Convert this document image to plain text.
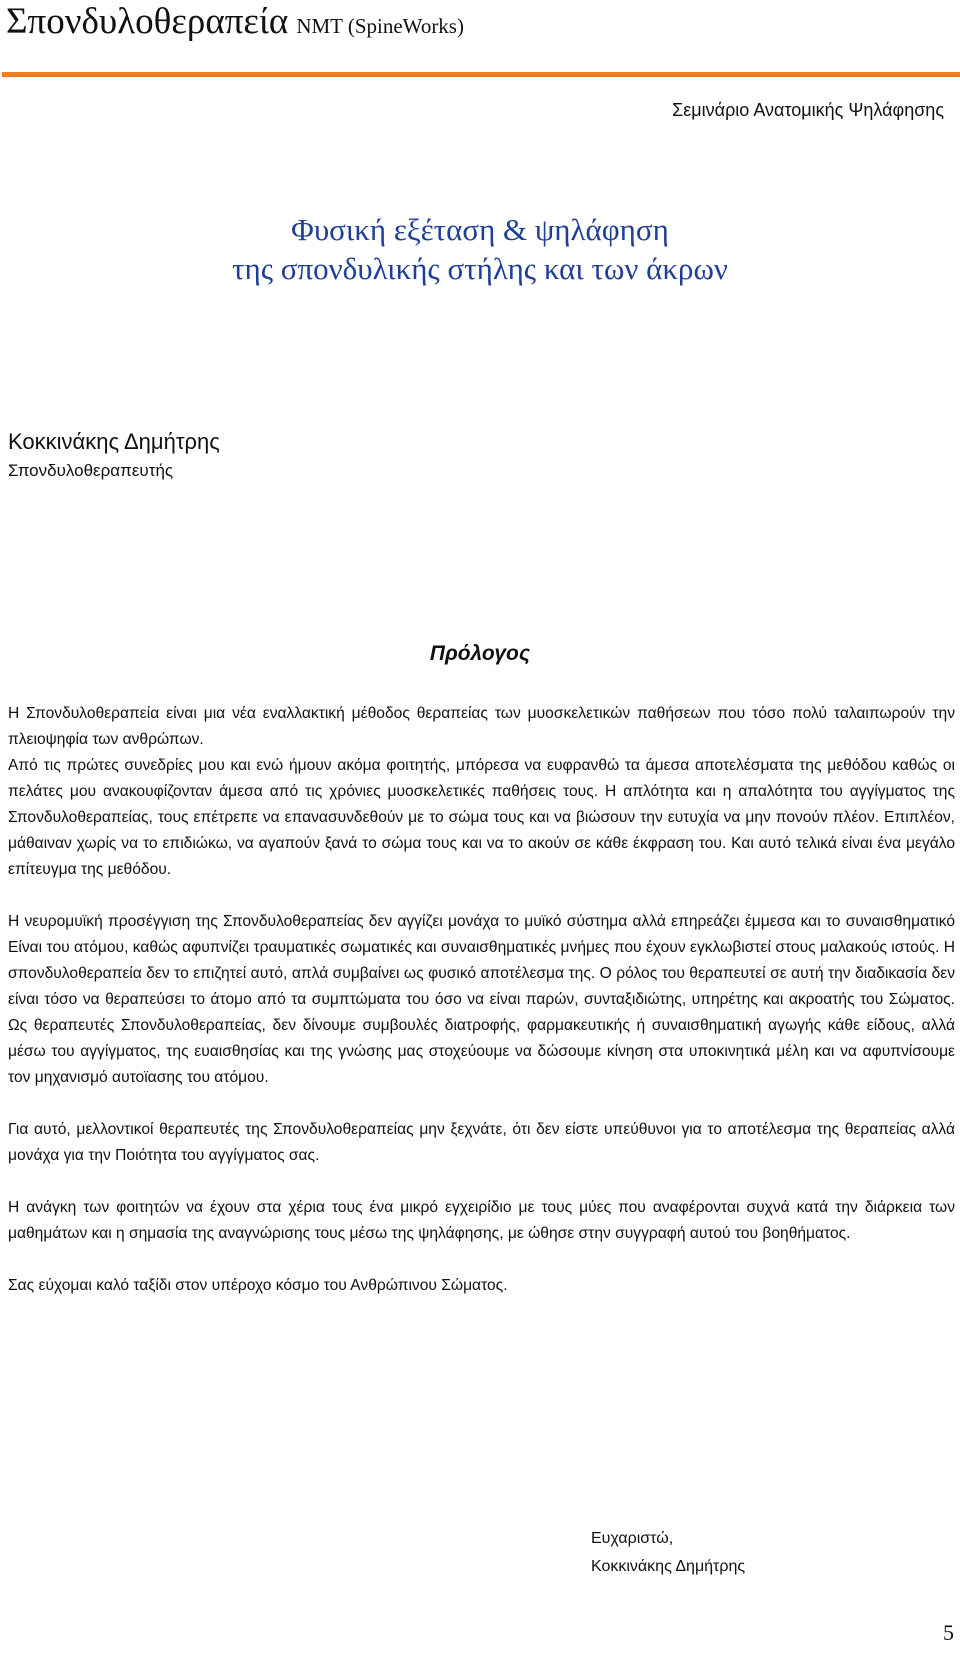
Σπονδυλοθεραπεία NMT (SpineWorks)
Σεμινάριο Ανατομικής Ψηλάφησης
Φυσική εξέταση & ψηλάφηση
της σπονδυλικής στήλης και των άκρων
Κοκκινάκης Δημήτρης
Σπονδυλοθεραπευτής
Πρόλογος

Η Σπονδυλοθεραπεία είναι μια νέα εναλλακτική μέθοδος θεραπείας των μυοσκελετικών παθήσεων που τόσο πολύ ταλαιπωρούν την πλειοψηφία των ανθρώπων.

Από τις πρώτες συνεδρίες μου και ενώ ήμουν ακόμα φοιτητής, μπόρεσα να ευφρανθώ τα άμεσα αποτελέσματα της μεθόδου καθώς οι πελάτες μου ανακουφίζονταν άμεσα από τις χρόνιες μυοσκελετικές παθήσεις τους. Η απλότητα και η απαλότητα του αγγίγματος της Σπονδυλοθεραπείας, τους επέτρεπε να επανασυνδεθούν με το σώμα τους και να βιώσουν την ευτυχία να μην πονούν πλέον. Επιπλέον, μάθαιναν χωρίς να το επιδιώκω, να αγαπούν ξανά το σώμα τους και να το ακούν σε κάθε έκφραση του. Και αυτό τελικά είναι ένα μεγάλο επίτευγμα της μεθόδου.

Η νευρομυϊκή προσέγγιση της Σπονδυλοθεραπείας δεν αγγίζει μονάχα το μυϊκό σύστημα αλλά επηρεάζει έμμεσα και το συναισθηματικό Είναι του ατόμου, καθώς αφυπνίζει τραυματικές σωματικές και συναισθηματικές μνήμες που έχουν εγκλωβιστεί στους μαλακούς ιστούς. Η σπονδυλοθεραπεία δεν το επιζητεί αυτό, απλά συμβαίνει ως φυσικό αποτέλεσμα της. Ο ρόλος του θεραπευτεί σε αυτή την διαδικασία δεν είναι τόσο να θεραπεύσει το άτομο από τα συμπτώματα του όσο να είναι παρών, συνταξιδιώτης, υπηρέτης και ακροατής του Σώματος. Ως θεραπευτές Σπονδυλοθεραπείας, δεν δίνουμε συμβουλές διατροφής, φαρμακευτικής ή συναισθηματική αγωγής κάθε είδους, αλλά μέσω του αγγίγματος, της ευαισθησίας και της γνώσης μας στοχεύουμε να δώσουμε κίνηση στα υποκινητικά μέλη και να αφυπνίσουμε τον μηχανισμό αυτοϊασης του ατόμου.

Για αυτό, μελλοντικοί θεραπευτές της Σπονδυλοθεραπείας μην ξεχνάτε, ότι δεν είστε υπεύθυνοι για το αποτέλεσμα της θεραπείας αλλά μονάχα για την Ποιότητα του αγγίγματος σας.

Η ανάγκη των φοιτητών να έχουν στα χέρια τους ένα μικρό εγχειρίδιο με τους μύες που αναφέρονται συχνά κατά την διάρκεια των μαθημάτων και η σημασία της αναγνώρισης τους μέσω της ψηλάφησης, με ώθησε στην συγγραφή αυτού του βοηθήματος.

Σας εύχομαι καλό ταξίδι στον υπέροχο κόσμο του Ανθρώπινου Σώματος.

Ευχαριστώ,
Κοκκινάκης Δημήτρης
5
